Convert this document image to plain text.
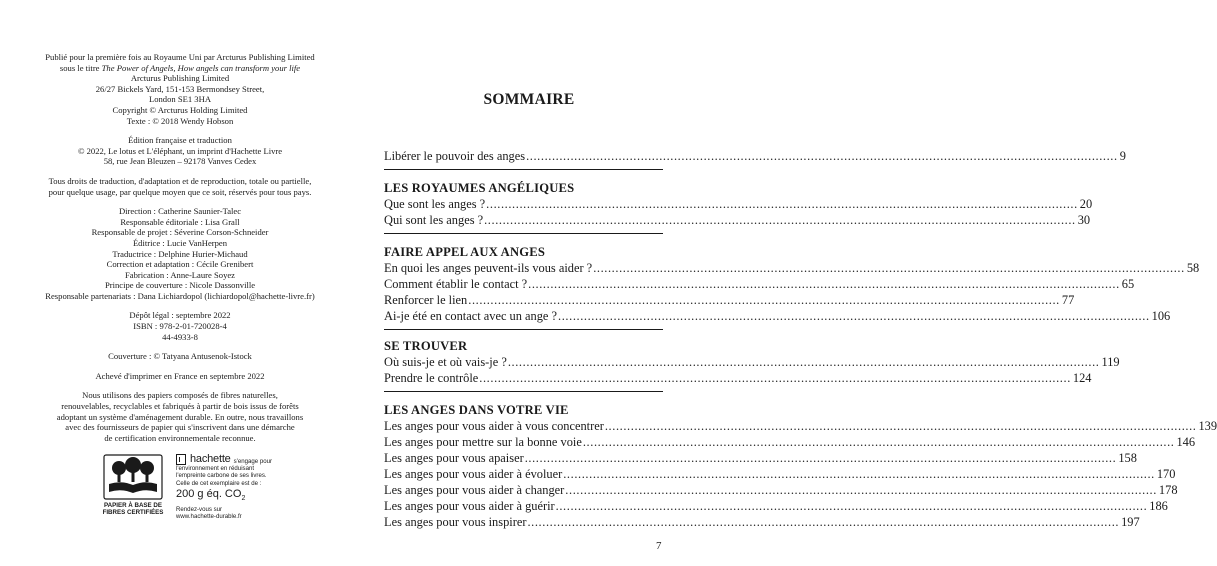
Publié pour la première fois au Royaume Uni par Arcturus Publishing Limited

sous le titre The Power of Angels, How angels can transform your life

Arcturus Publishing Limited

26/27 Bickels Yard, 151-153 Bermondsey Street,

London SE1 3HA

Copyright © Arcturus Holding Limited

Texte : © 2018 Wendy Hobson

Édition française et traduction

© 2022, Le lotus et L'éléphant, un imprint d'Hachette Livre

58, rue Jean Bleuzen – 92178 Vanves Cedex

Tous droits de traduction, d'adaptation et de reproduction, totale ou partielle,

pour quelque usage, par quelque moyen que ce soit, réservés pour tous pays.

Direction : Catherine Saunier-Talec

Responsable éditoriale : Lisa Grall

Responsable de projet : Séverine Corson-Schneider

Éditrice : Lucie VanHerpen

Traductrice : Delphine Hurier-Michaud

Correction et adaptation : Cécile Grenibert

Fabrication : Anne-Laure Soyez

Principe de couverture : Nicole Dassonville

Responsable partenariats : Dana Lichiardopol (lichiardopol@hachette-livre.fr)

Dépôt légal : septembre 2022

ISBN : 978-2-01-720028-4

44-4933-8

Couverture : © Tatyana Antusenok-Istock

Achevé d'imprimer en France en septembre 2022

Nous utilisons des papiers composés de fibres naturelles,

renouvelables, recyclables et fabriqués à partir de bois issus de forêts

adoptant un système d'aménagement durable. En outre, nous travaillons

avec des fournisseurs de papier qui s'inscrivent dans une démarche

de certification environnementale reconnue.

PAPIER À BASE DE
FIBRES CERTIFIÉES
hachette s'engage pour

l'environnement en réduisant

l'empreinte carbone de ses livres.

Celle de cet exemplaire est de :

200 g éq. $CO_2$

Rendez-vous sur

www.hachette-durable.fr

SOMMAIRE
Libérer le pouvoir des anges ................................................................................................................................................................ 9
LES ROYAUMES ANGÉLIQUES
Que sont les anges ? ................................................................................................................................................................ 20
Qui sont les anges ? ................................................................................................................................................................ 30
FAIRE APPEL AUX ANGES
En quoi les anges peuvent-ils vous aider ? ................................................................................................................................................................ 58
Comment établir le contact ? ................................................................................................................................................................ 65
Renforcer le lien ................................................................................................................................................................ 77
Ai-je été en contact avec un ange ? ................................................................................................................................................................ 106
SE TROUVER
Où suis-je et où vais-je ? ................................................................................................................................................................ 119
Prendre le contrôle ................................................................................................................................................................ 124
LES ANGES DANS VOTRE VIE
Les anges pour vous aider à vous concentrer ................................................................................................................................................................ 139
Les anges pour mettre sur la bonne voie ................................................................................................................................................................ 146
Les anges pour vous apaiser ................................................................................................................................................................ 158
Les anges pour vous aider à évoluer ................................................................................................................................................................ 170
Les anges pour vous aider à changer ................................................................................................................................................................ 178
Les anges pour vous aider à guérir ................................................................................................................................................................ 186
Les anges pour vous inspirer ................................................................................................................................................................ 197
7
